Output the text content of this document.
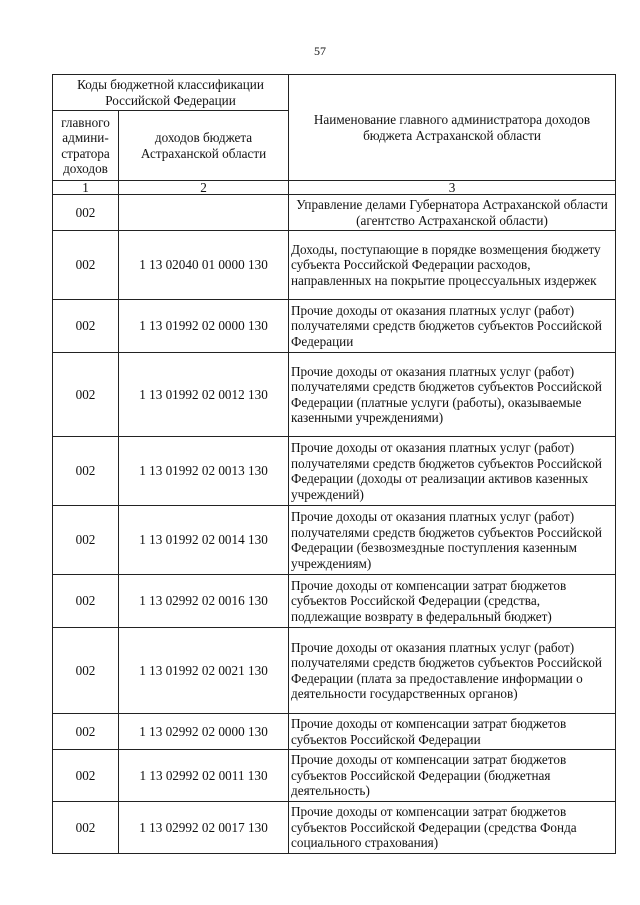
57
Коды бюджетной классификации Российской Федерации		Наименование главного администратора доходов бюджета Астраханской области
главного админи-стратора доходов	доходов бюджета Астраханской области	
1	2	3
002		Управление делами Губернатора Астраханской области (агентство Астраханской области)
002	1 13 02040 01 0000 130	Доходы, поступающие в порядке возмещения бюджету субъекта Российской Федерации расходов, направленных на покрытие процессуальных издержек
002	1 13 01992 02 0000 130	Прочие доходы от оказания платных услуг (работ) получателями средств бюджетов субъектов Российской Федерации
002	1 13 01992 02 0012 130	Прочие доходы от оказания платных услуг (работ) получателями средств бюджетов субъектов Российской Федерации (платные услуги (работы), оказываемые казенными учреждениями)
002	1 13 01992 02 0013 130	Прочие доходы от оказания платных услуг (работ) получателями средств бюджетов субъектов Российской Федерации (доходы от реализации активов казенных учреждений)
002	1 13 01992 02 0014 130	Прочие доходы от оказания платных услуг (работ) получателями средств бюджетов субъектов Российской Федерации (безвозмездные поступления казенным учреждениям)
002	1 13 02992 02 0016 130	Прочие доходы от компенсации затрат бюджетов субъектов Российской Федерации (средства, подлежащие возврату в федеральный бюджет)
002	1 13 01992 02 0021 130	Прочие доходы от оказания платных услуг (работ) получателями средств бюджетов субъектов Российской Федерации (плата за предоставление информации о деятельности государственных органов)
002	1 13 02992 02 0000 130	Прочие доходы от компенсации затрат бюджетов субъектов Российской Федерации
002	1 13 02992 02 0011 130	Прочие доходы от компенсации затрат бюджетов субъектов Российской Федерации (бюджетная деятельность)
002	1 13 02992 02 0017 130	Прочие доходы от компенсации затрат бюджетов субъектов Российской Федерации (средства Фонда социального страхования)
